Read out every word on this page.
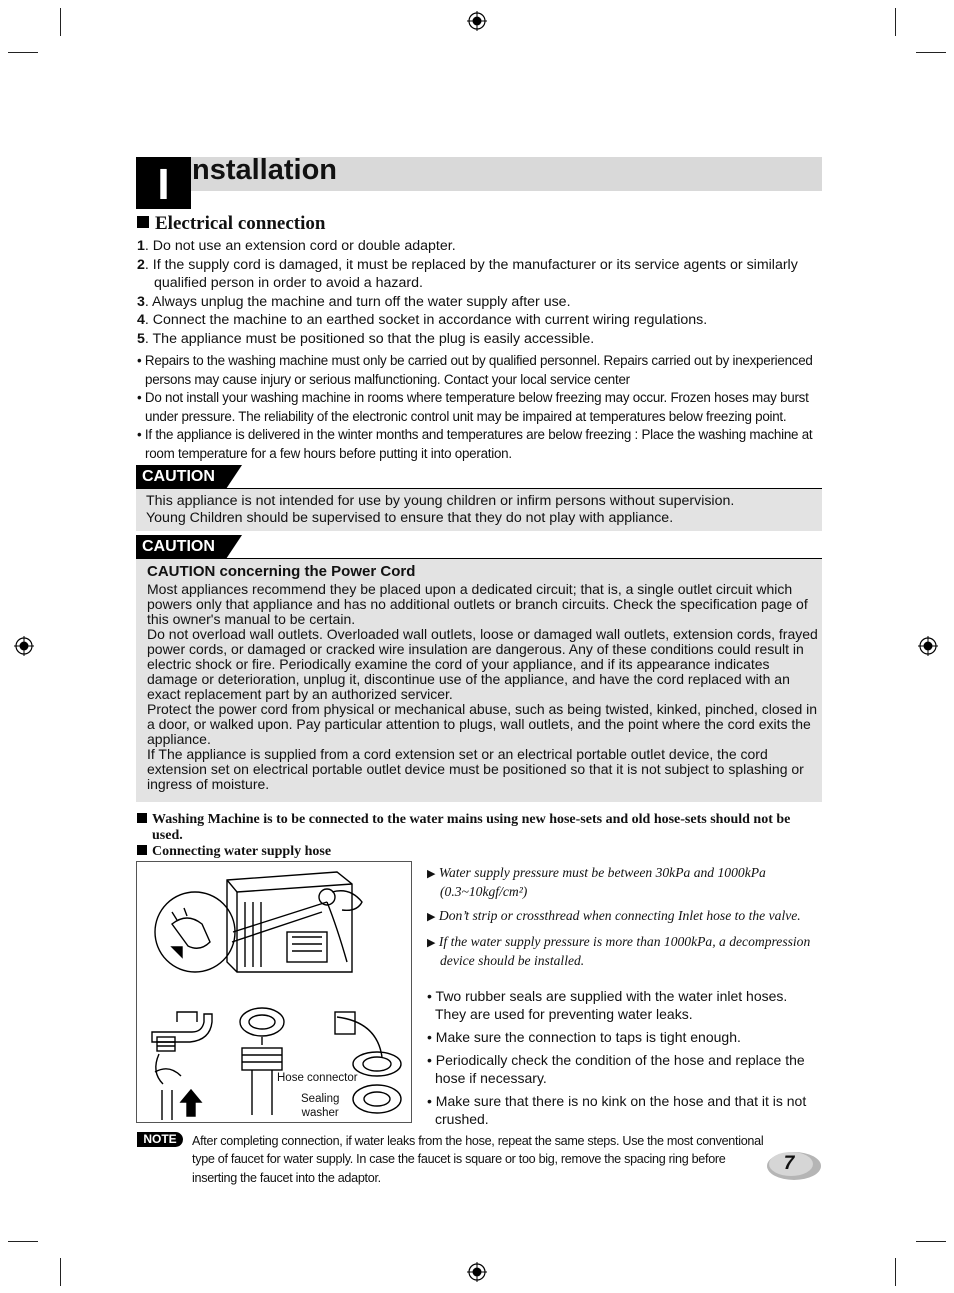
I nstallation
Electrical connection
1. Do not use an extension cord or double adapter.
2. If the supply cord is damaged, it must be replaced by the manufacturer or its service agents or similarly qualified person in order to avoid a hazard.
3. Always unplug the machine and turn off the water supply after use.
4. Connect the machine to an earthed socket in accordance with current wiring regulations.
5. The appliance must be positioned so that the plug is easily accessible.
• Repairs to the washing machine must only be carried out by qualified personnel. Repairs carried out by inexperienced persons may cause injury or serious malfunctioning. Contact your local service center
• Do not install your washing machine in rooms where temperature below freezing may occur. Frozen hoses may burst under pressure. The reliability of the electronic control unit may be impaired at temperatures below freezing point.
• If the appliance is delivered in the winter months and temperatures are below freezing : Place the washing machine at room temperature for a few hours before putting it into operation.
CAUTION
This appliance is not intended for use by young children or infirm persons without supervision.
Young Children should be supervised to ensure that they do not play with appliance.
CAUTION
CAUTION concerning the Power Cord
Most appliances recommend they be placed upon a dedicated circuit; that is, a single outlet circuit which powers only that appliance and has no additional outlets or branch circuits. Check the specification page of this owner's manual to be certain.
Do not overload wall outlets. Overloaded wall outlets, loose or damaged wall outlets, extension cords, frayed power cords, or damaged or cracked wire insulation are dangerous. Any of these conditions could result in electric shock or fire. Periodically examine the cord of your appliance, and if its appearance indicates damage or deterioration, unplug it, discontinue use of the appliance, and have the cord replaced with an exact replacement part by an authorized servicer.
Protect the power cord from physical or mechanical abuse, such as being twisted, kinked, pinched, closed in a door, or walked upon. Pay particular attention to plugs, wall outlets, and the point where the cord exits the appliance.
If The appliance is supplied from a cord extension set or an electrical portable outlet device, the cord extension set on electrical portable outlet device must be positioned so that it is not subject to splashing or ingress of moisture.
Washing Machine is to be connected to the water mains using new hose-sets and old hose-sets should not be used.
Connecting water supply hose
Hose connector
Sealing
washer
▶ Water supply pressure must be between 30kPa and 1000kPa (0.3~10kgf/cm²)
▶ Don’t strip or crossthread when connecting Inlet hose to the valve.
▶ If the water supply pressure is more than 1000kPa, a decompression device should be installed.
• Two rubber seals are supplied with the water inlet hoses. They are used for preventing water leaks.
• Make sure the connection to taps is tight enough.
• Periodically check the condition of the hose and replace the hose if necessary.
• Make sure that there is no kink on the hose and that it is not crushed.
NOTE	After completing connection, if water leaks from the hose, repeat the same steps. Use the most conventional type of faucet for water supply. In case the faucet is square or too big, remove the spacing ring before inserting the faucet into the adaptor.
7
